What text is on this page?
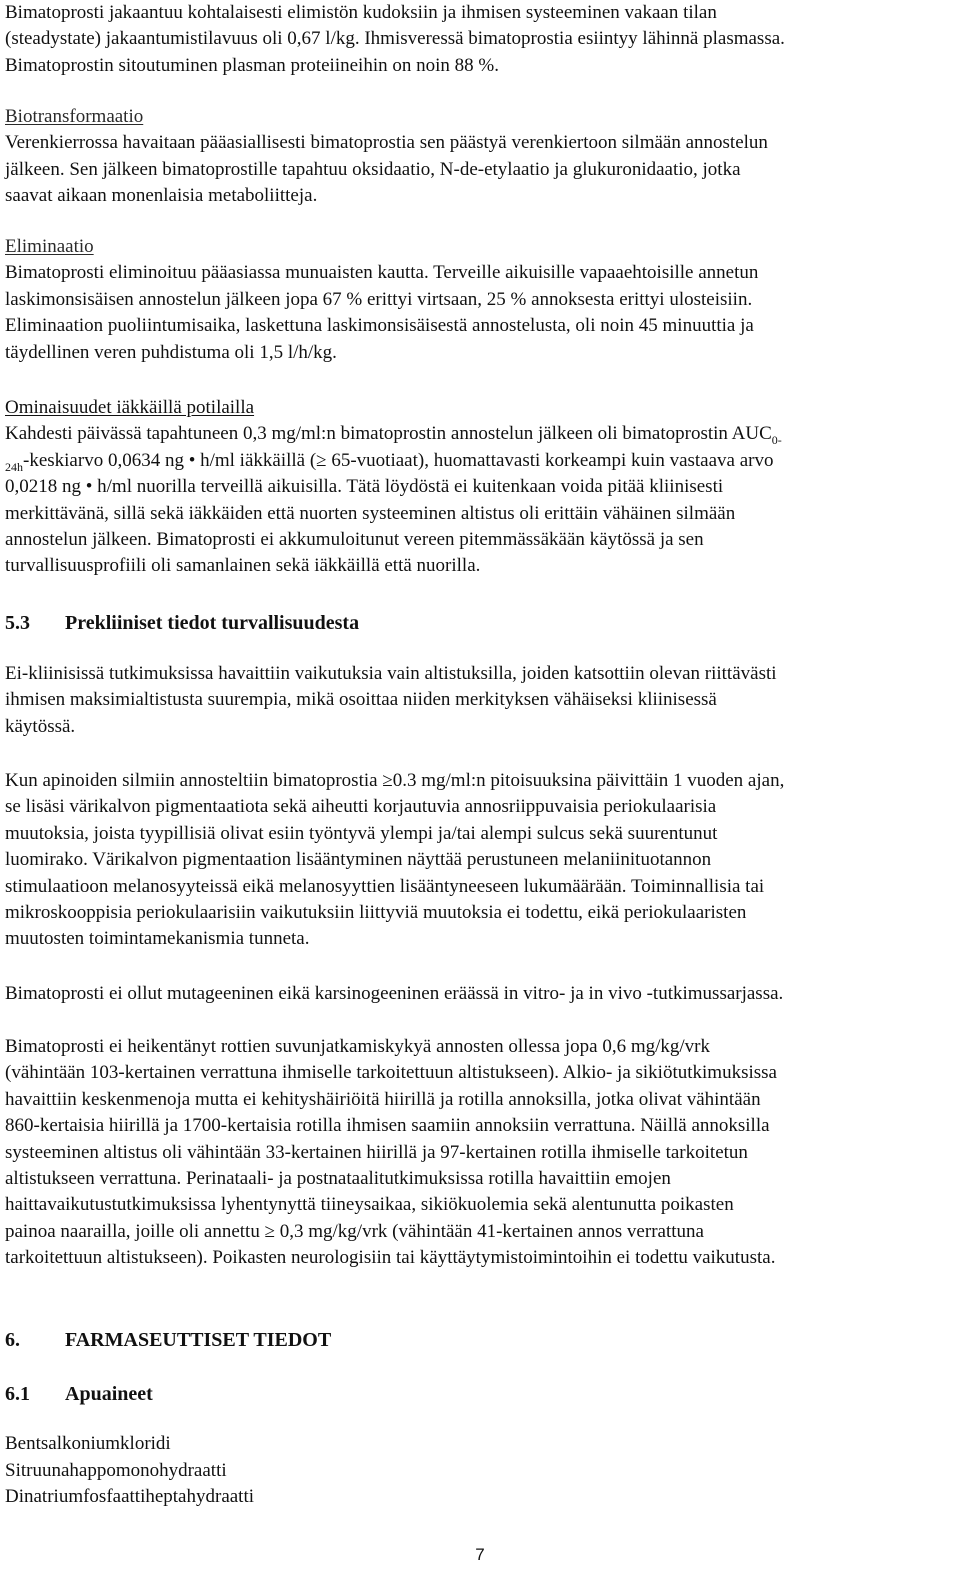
Bimatoprosti jakaantuu kohtalaisesti elimistön kudoksiin ja ihmisen systeeminen vakaan tilan

(steadystate) jakaantumistilavuus oli 0,67 l/kg. Ihmisveressä bimatoprostia esiintyy lähinnä plasmassa.

Bimatoprostin sitoutuminen plasman proteiineihin on noin 88 %.

Biotransformaatio

Verenkierrossa havaitaan pääasiallisesti bimatoprostia sen päästyä verenkiertoon silmään annostelun

jälkeen. Sen jälkeen bimatoprostille tapahtuu oksidaatio, N-de-etylaatio ja glukuronidaatio, jotka

saavat aikaan monenlaisia metaboliitteja.

Eliminaatio

Bimatoprosti eliminoituu pääasiassa munuaisten kautta. Terveille aikuisille vapaaehtoisille annetun

laskimonsisäisen annostelun jälkeen jopa 67 % erittyi virtsaan, 25 % annoksesta erittyi ulosteisiin.

Eliminaation puoliintumisaika, laskettuna laskimonsisäisestä annostelusta, oli noin 45 minuuttia ja

täydellinen veren puhdistuma oli 1,5 l/h/kg.

Ominaisuudet iäkkäillä potilailla

Kahdesti päivässä tapahtuneen 0,3 mg/ml:n bimatoprostin annostelun jälkeen oli bimatoprostin $AUC_{0-}$

$_{24h}$-keskiarvo 0,0634 ng • h/ml iäkkäillä (≥ 65-vuotiaat), huomattavasti korkeampi kuin vastaava arvo

0,0218 ng • h/ml nuorilla terveillä aikuisilla. Tätä löydöstä ei kuitenkaan voida pitää kliinisesti

merkittävänä, sillä sekä iäkkäiden että nuorten systeeminen altistus oli erittäin vähäinen silmään

annostelun jälkeen. Bimatoprosti ei akkumuloitunut vereen pitemmässäkään käytössä ja sen

turvallisuusprofiili oli samanlainen sekä iäkkäillä että nuorilla.

5.3 Prekliiniset tiedot turvallisuudesta

Ei-kliinisissä tutkimuksissa havaittiin vaikutuksia vain altistuksilla, joiden katsottiin olevan riittävästi

ihmisen maksimialtistusta suurempia, mikä osoittaa niiden merkityksen vähäiseksi kliinisessä

käytössä.

Kun apinoiden silmiin annosteltiin bimatoprostia ≥0.3 mg/ml:n pitoisuuksina päivittäin 1 vuoden ajan,

se lisäsi värikalvon pigmentaatiota sekä aiheutti korjautuvia annosriippuvaisia periokulaarisia

muutoksia, joista tyypillisiä olivat esiin työntyvä ylempi ja/tai alempi sulcus sekä suurentunut

luomirako. Värikalvon pigmentaation lisääntyminen näyttää perustuneen melaniinituotannon

stimulaatioon melanosyyteissä eikä melanosyyttien lisääntyneeseen lukumäärään. Toiminnallisia tai

mikroskooppisia periokulaarisiin vaikutuksiin liittyviä muutoksia ei todettu, eikä periokulaaristen

muutosten toimintamekanismia tunneta.

Bimatoprosti ei ollut mutageeninen eikä karsinogeeninen eräässä in vitro- ja in vivo -tutkimussarjassa.

Bimatoprosti ei heikentänyt rottien suvunjatkamiskykyä annosten ollessa jopa 0,6 mg/kg/vrk

(vähintään 103-kertainen verrattuna ihmiselle tarkoitettuun altistukseen). Alkio- ja sikiötutkimuksissa

havaittiin keskenmenoja mutta ei kehityshäiriöitä hiirillä ja rotilla annoksilla, jotka olivat vähintään

860-kertaisia hiirillä ja 1700-kertaisia rotilla ihmisen saamiin annoksiin verrattuna. Näillä annoksilla

systeeminen altistus oli vähintään 33-kertainen hiirillä ja 97-kertainen rotilla ihmiselle tarkoitetun

altistukseen verrattuna. Perinataali- ja postnataalitutkimuksissa rotilla havaittiin emojen

haittavaikutustutkimuksissa lyhentynyttä tiineysaikaa, sikiökuolemia sekä alentunutta poikasten

painoa naarailla, joille oli annettu ≥ 0,3 mg/kg/vrk (vähintään 41-kertainen annos verrattuna

tarkoitettuun altistukseen). Poikasten neurologisiin tai käyttäytymistoimintoihin ei todettu vaikutusta.

6. FARMASEUTTISET TIEDOT
6.1 Apuaineet

Bentsalkoniumkloridi

Sitruunahappomonohydraatti

Dinatriumfosfaattiheptahydraatti

7
